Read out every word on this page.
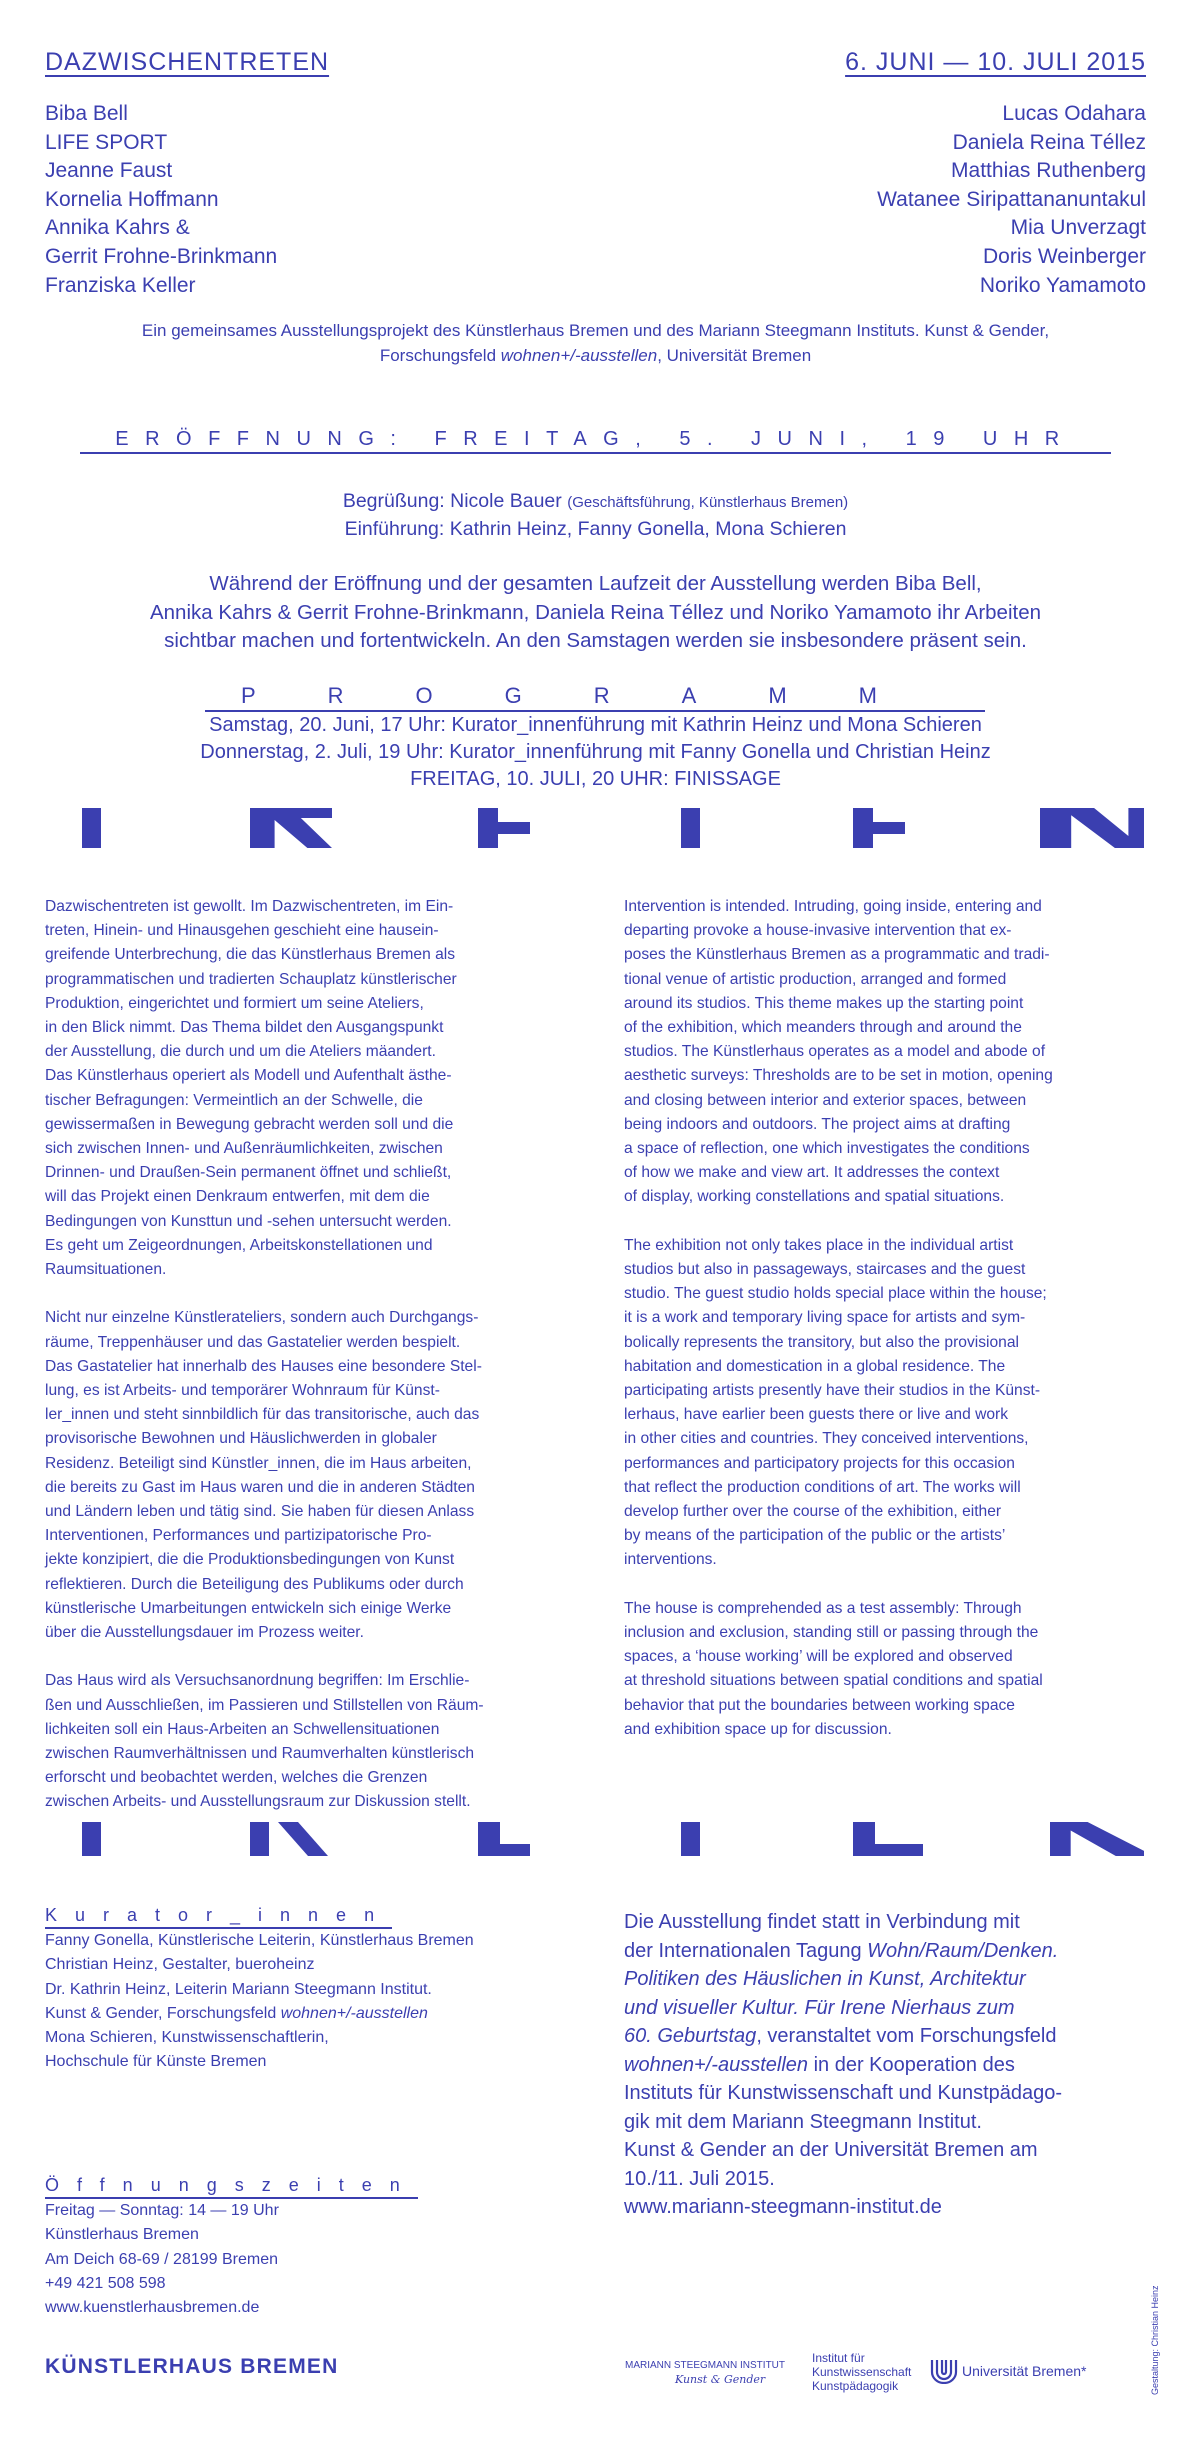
DAZWISCHENTRETEN	6. JUNI — 10. JULI 2015
Biba Bell
LIFE SPORT
Jeanne Faust
Kornelia Hoffmann
Annika Kahrs &
Gerrit Frohne-Brinkmann
Franziska Keller
Lucas Odahara
Daniela Reina Téllez
Matthias Ruthenberg
Watanee Siripattananuntakul
Mia Unverzagt
Doris Weinberger
Noriko Yamamoto
Ein gemeinsames Ausstellungsprojekt des Künstlerhaus Bremen und des Mariann Steegmann Instituts. Kunst & Gender,
Forschungsfeld wohnen+/-ausstellen, Universität Bremen
ERÖFFNUNG: FREITAG, 5. JUNI, 19 UHR
Begrüßung: Nicole Bauer (Geschäftsführung, Künstlerhaus Bremen)
Einführung: Kathrin Heinz, Fanny Gonella, Mona Schieren
Während der Eröffnung und der gesamten Laufzeit der Ausstellung werden Biba Bell,
Annika Kahrs & Gerrit Frohne-Brinkmann, Daniela Reina Téllez und Noriko Yamamoto ihr Arbeiten
sichtbar machen und fortentwickeln. An den Samstagen werden sie insbesondere präsent sein.
PROGRAMM
Samstag, 20. Juni, 17 Uhr: Kurator_innenführung mit Kathrin Heinz und Mona Schieren
Donnerstag, 2. Juli, 19 Uhr: Kurator_innenführung mit Fanny Gonella und Christian Heinz
FREITAG, 10. JULI, 20 UHR: FINISSAGE

Dazwischentreten ist gewollt. Im Dazwischentreten, im Ein-
treten, Hinein- und Hinausgehen geschieht eine hausein-
greifende Unterbrechung, die das Künstlerhaus Bremen als
programmatischen und tradierten Schauplatz künstlerischer
Produktion, eingerichtet und formiert um seine Ateliers,
in den Blick nimmt. Das Thema bildet den Ausgangspunkt
der Ausstellung, die durch und um die Ateliers mäandert.
Das Künstlerhaus operiert als Modell und Aufenthalt ästhe-
tischer Befragungen: Vermeintlich an der Schwelle, die
gewissermaßen in Bewegung gebracht werden soll und die
sich zwischen Innen- und Außenräumlichkeiten, zwischen
Drinnen- und Draußen-Sein permanent öffnet und schließt,
will das Projekt einen Denkraum entwerfen, mit dem die
Bedingungen von Kunsttun und -sehen untersucht werden.
Es geht um Zeigeordnungen, Arbeitskonstellationen und
Raumsituationen.

Nicht nur einzelne Künstlerateliers, sondern auch Durchgangs-
räume, Treppenhäuser und das Gastatelier werden bespielt.
Das Gastatelier hat innerhalb des Hauses eine besondere Stel-
lung, es ist Arbeits- und temporärer Wohnraum für Künst-
ler_innen und steht sinnbildlich für das transitorische, auch das
provisorische Bewohnen und Häuslichwerden in globaler
Residenz. Beteiligt sind Künstler_innen, die im Haus arbeiten,
die bereits zu Gast im Haus waren und die in anderen Städten
und Ländern leben und tätig sind. Sie haben für diesen Anlass
Interventionen, Performances und partizipatorische Pro-
jekte konzipiert, die die Produktionsbedingungen von Kunst
reflektieren. Durch die Beteiligung des Publikums oder durch
künstlerische Umarbeitungen entwickeln sich einige Werke
über die Ausstellungsdauer im Prozess weiter.

Das Haus wird als Versuchsanordnung begriffen: Im Erschlie-
ßen und Ausschließen, im Passieren und Stillstellen von Räum-
lichkeiten soll ein Haus-Arbeiten an Schwellensituationen
zwischen Raumverhältnissen und Raumverhalten künstlerisch
erforscht und beobachtet werden, welches die Grenzen
zwischen Arbeits- und Ausstellungsraum zur Diskussion stellt.

Intervention is intended. Intruding, going inside, entering and
departing provoke a house-invasive intervention that ex-
poses the Künstlerhaus Bremen as a programmatic and tradi-
tional venue of artistic production, arranged and formed
around its studios. This theme makes up the starting point
of the exhibition, which meanders through and around the
studios. The Künstlerhaus operates as a model and abode of
aesthetic surveys: Thresholds are to be set in motion, opening
and closing between interior and exterior spaces, between
being indoors and outdoors. The project aims at drafting
a space of reflection, one which investigates the conditions
of how we make and view art. It addresses the context
of display, working constellations and spatial situations.

The exhibition not only takes place in the individual artist
studios but also in passageways, staircases and the guest
studio. The guest studio holds special place within the house;
it is a work and temporary living space for artists and sym-
bolically represents the transitory, but also the provisional
habitation and domestication in a global residence. The
participating artists presently have their studios in the Künst-
lerhaus, have earlier been guests there or live and work
in other cities and countries. They conceived interventions,
performances and participatory projects for this occasion
that reflect the production conditions of art. The works will
develop further over the course of the exhibition, either
by means of the participation of the public or the artists’
interventions.

The house is comprehended as a test assembly: Through
inclusion and exclusion, standing still or passing through the
spaces, a ‘house working’ will be explored and observed
at threshold situations between spatial conditions and spatial
behavior that put the boundaries between working space
and exhibition space up for discussion.

Kurator_innen
Fanny Gonella, Künstlerische Leiterin, Künstlerhaus Bremen
Christian Heinz, Gestalter, bueroheinz
Dr. Kathrin Heinz, Leiterin Mariann Steegmann Institut.
Kunst & Gender, Forschungsfeld wohnen+/-ausstellen
Mona Schieren, Kunstwissenschaftlerin,
Hochschule für Künste Bremen
Öffnungszeiten
Freitag — Sonntag: 14 — 19 Uhr
Künstlerhaus Bremen
Am Deich 68-69 / 28199 Bremen
+49 421 508 598
www.kuenstlerhausbremen.de
Die Ausstellung findet statt in Verbindung mit
der Internationalen Tagung Wohn/Raum/Denken.
Politiken des Häuslichen in Kunst, Architektur
und visueller Kultur. Für Irene Nierhaus zum
60. Geburtstag, veranstaltet vom Forschungsfeld
wohnen+/-ausstellen in der Kooperation des
Instituts für Kunstwissenschaft und Kunstpädago-
gik mit dem Mariann Steegmann Institut.
Kunst & Gender an der Universität Bremen am
10./11. Juli 2015.
www.mariann-steegmann-institut.de
KÜNSTLERHAUS BREMEN	MARIANN STEEGMANN INSTITUT
Kunst & Gender
Institut für
Kunstwissenschaft
Kunstpädagogik
Universität Bremen*	Gestaltung: Christian Heinz
